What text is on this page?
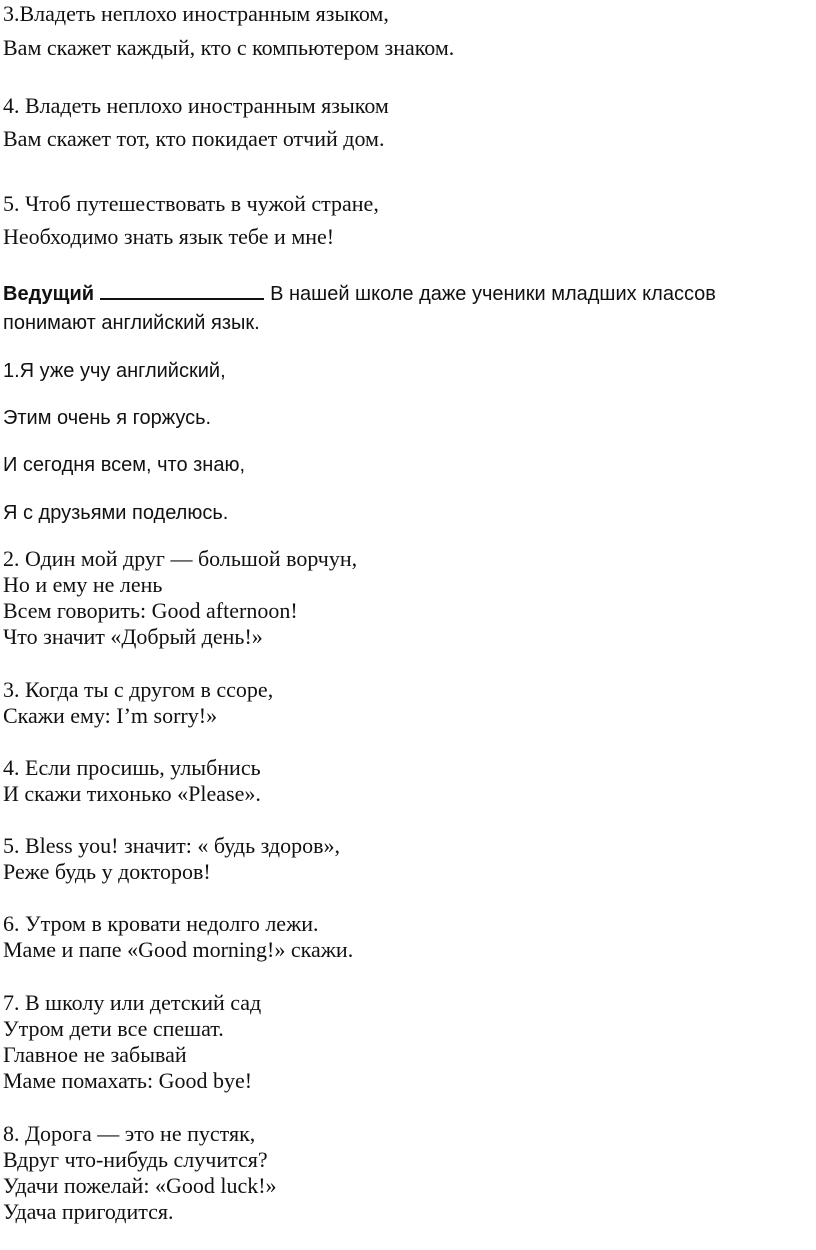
3.Владеть неплохо иностранным языком,
Вам скажет каждый, кто с компьютером знаком.
4. Владеть неплохо иностранным языком
Вам скажет тот, кто покидает отчий дом.
5. Чтоб путешествовать в чужой стране,
Необходимо знать язык тебе и мне!
Ведущий	В нашей школе даже ученики младших классов
понимают английский язык.
1.Я уже учу английский,
Этим очень я горжусь.
И сегодня всем, что знаю,
Я с друзьями поделюсь.
2. Один мой друг — большой ворчун,
Но и ему не лень
Всем говорить: Good afternoon!
Что значит «Добрый день!»
3. Когда ты с другом в ссоре,
Скажи ему: I’m sorry!»
4. Если просишь, улыбнись
И скажи тихонько «Please».
5. Bless you! значит: « будь здоров»,
Реже будь у докторов!
6. Утром в кровати недолго лежи.
Маме и папе «Good morning!» скажи.
7. В школу или детский сад
Утром дети все спешат.
Главное не забывай
Маме помахать: Good bye!
8. Дорога — это не пустяк,
Вдруг что-нибудь случится?
Удачи пожелай: «Good luck!»
Удача пригодится.
